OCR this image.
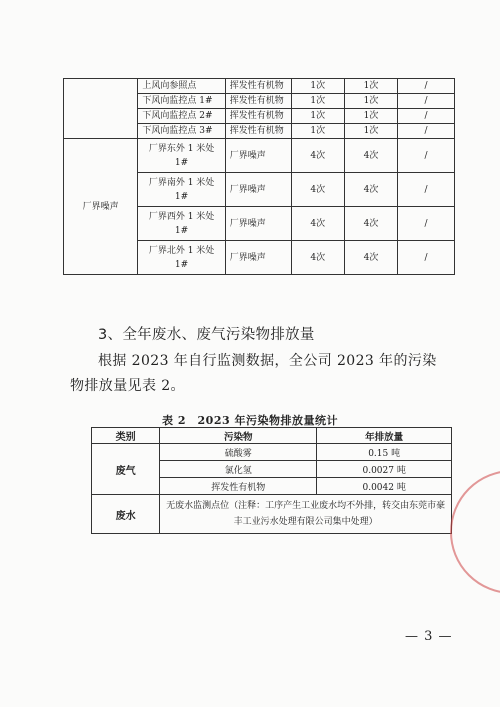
	上风向参照点	挥发性有机物	1次	1次	/
	下风向监控点 1#	挥发性有机物	1次	1次	/
	下风向监控点 2#	挥发性有机物	1次	1次	/
	下风向监控点 3#	挥发性有机物	1次	1次	/
厂界噪声	厂界东外 1 米处 1#	厂界噪声	4次	4次	/
	厂界南外 1 米处 1#	厂界噪声	4次	4次	/
	厂界西外 1 米处 1#	厂界噪声	4次	4次	/
	厂界北外 1 米处 1#	厂界噪声	4次	4次	/
3、全年废水、废气污染物排放量
根据 2023 年自行监测数据，全公司 2023 年的污染物排放量见表 2。
表 2　2023 年污染物排放量统计
类别	污染物	年排放量
废气	硫酸雾	0.15 吨
	氯化氢	0.0027 吨
	挥发性有机物	0.0042 吨
废水	无废水监测点位（注释：工序产生工业废水均不外排，转交由东莞市豪丰工业污水处理有限公司集中处理）	
— 3 —
